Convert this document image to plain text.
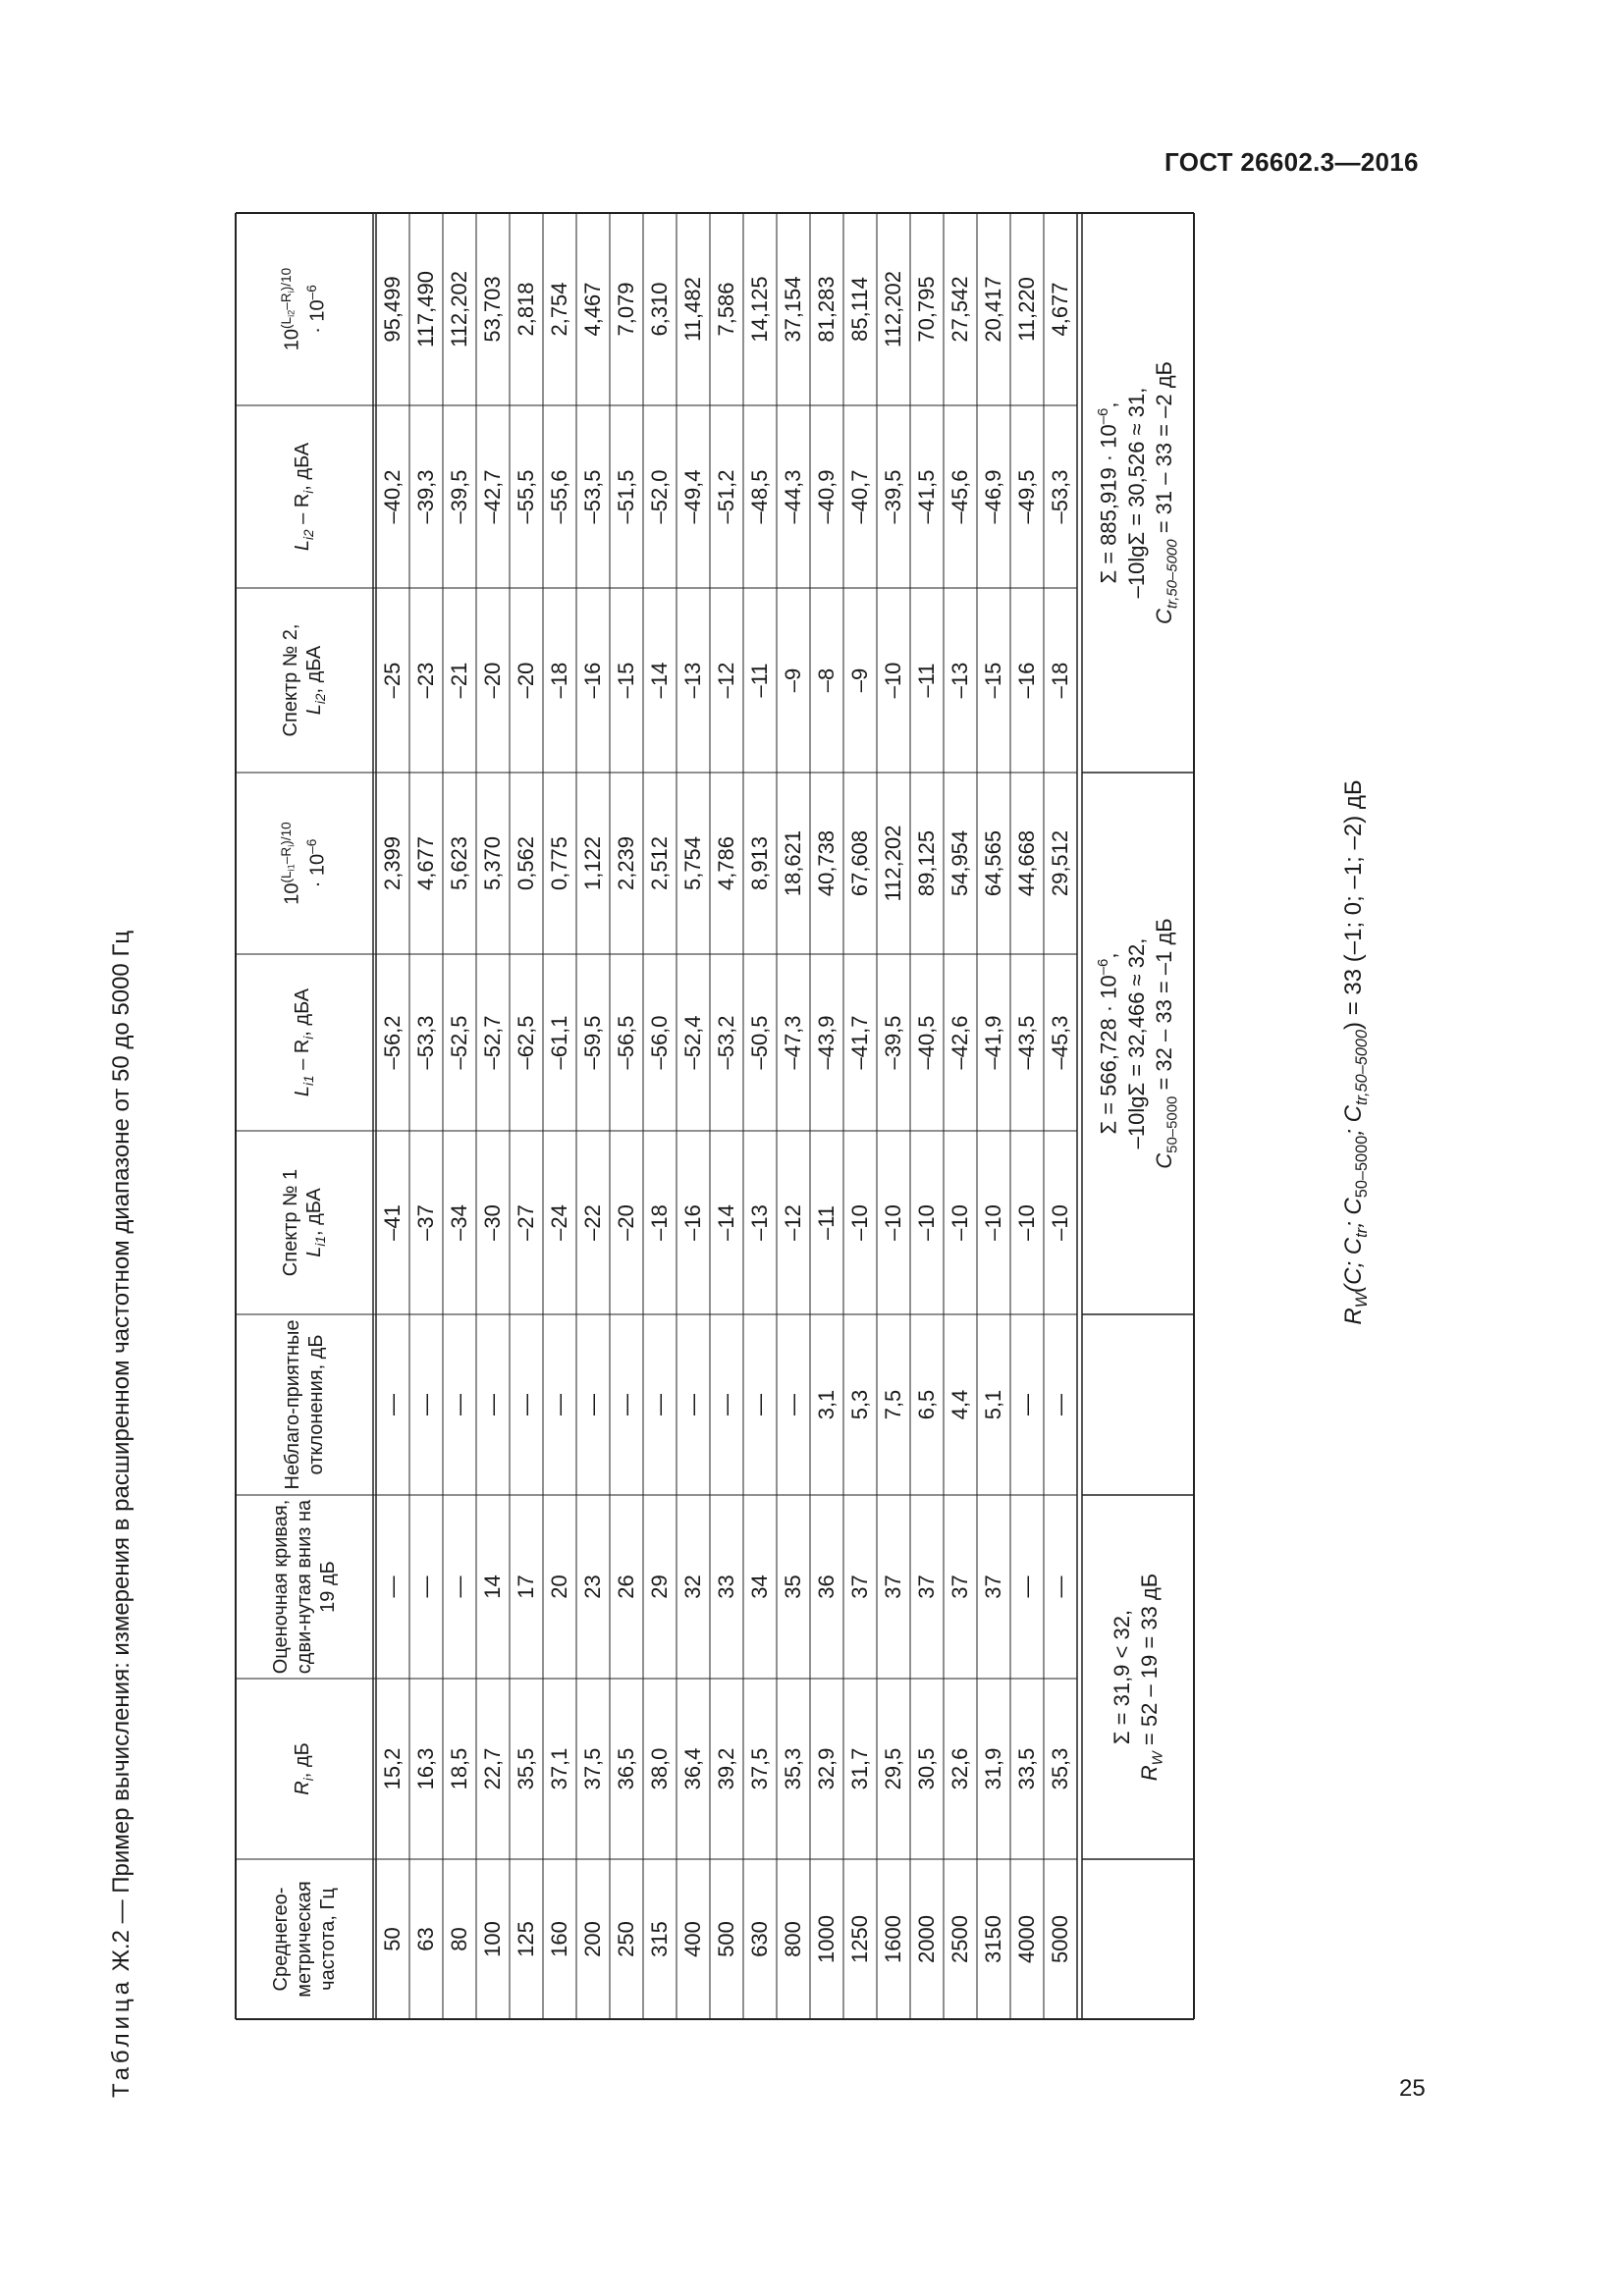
ГОСТ 26602.3—2016
Таблица Ж.2 — Пример вычисления: измерения в расширенном частотном диапазоне от 50 до 5000 Гц	50
15,2
—
—
–41
–56,2
2,399
–25
–40,2
95,499
63
16,3
—
—
–37
–53,3
4,677
–23
–39,3
117,490
80
18,5
—
—
–34
–52,5
5,623
–21
–39,5
112,202
100
22,7
14
—
–30
–52,7
5,370
–20
–42,7
53,703
125
35,5
17
—
–27
–62,5
0,562
–20
–55,5
2,818
160
37,1
20
—
–24
–61,1
0,775
–18
–55,6
2,754
200
37,5
23
—
–22
–59,5
1,122
–16
–53,5
4,467
250
36,5
26
—
–20
–56,5
2,239
–15
–51,5
7,079
315
38,0
29
—
–18
–56,0
2,512
–14
–52,0
6,310
400
36,4
32
—
–16
–52,4
5,754
–13
–49,4
11,482
500
39,2
33
—
–14
–53,2
4,786
–12
–51,2
7,586
630
37,5
34
—
–13
–50,5
8,913
–11
–48,5
14,125
800
35,3
35
—
–12
–47,3
18,621
–9
–44,3
37,154
1000
32,9
36
3,1
–11
–43,9
40,738
–8
–40,9
81,283
1250
31,7
37
5,3
–10
–41,7
67,608
–9
–40,7
85,114
1600
29,5
37
7,5
–10
–39,5
112,202
–10
–39,5
112,202
2000
30,5
37
6,5
–10
–40,5
89,125
–11
–41,5
70,795
2500
32,6
37
4,4
–10
–42,6
54,954
–13
–45,6
27,542
3150
31,9
37
5,1
–10
–41,9
64,565
–15
–46,9
20,417
4000
33,5
—
—
–10
–43,5
44,668
–16
–49,5
11,220
5000
35,3
—
—
–10
–45,3
29,512
–18
–53,3
4,677
Среднегео-метрическая частота, Гц
$R_i$, дБ
Оценочная кривая, сдви-нутая вниз на 19 дБ
Неблаго-приятные отклонения, дБ
Спектр № 1 $L_{i1}$, дБА
$L_{i1} - R_i$, дБА
$10^{(L_{i1}-R_i)/10}$
· $10^{-6}$
Спектр № 2, $L_{i2}$, дБА
$L_{i2} - R_i$, дБА
$10^{(L_{i2}-R_i)/10}$
· $10^{-6}$
Σ = 31,9 < 32,
$R_W = 52 - 19 = 33$ дБ
$\Sigma = 566,728 \cdot 10^{-6}$, –10lgΣ = 32,466 ≈ 32,
$C_{50-5000} = 32 - 33 = -1$ дБ
$\Sigma = 885,919 \cdot 10^{-6}$, –10lgΣ = 30,526 ≈ 31,
$C_{tr,50-5000} = 31 - 33 = -2$ дБ
$R_W(C$; $C_{tr}$; $C_{50-5000}$; $C_{tr,50-5000}) = 33$ (–1; 0; –1; –2) дБ
25
